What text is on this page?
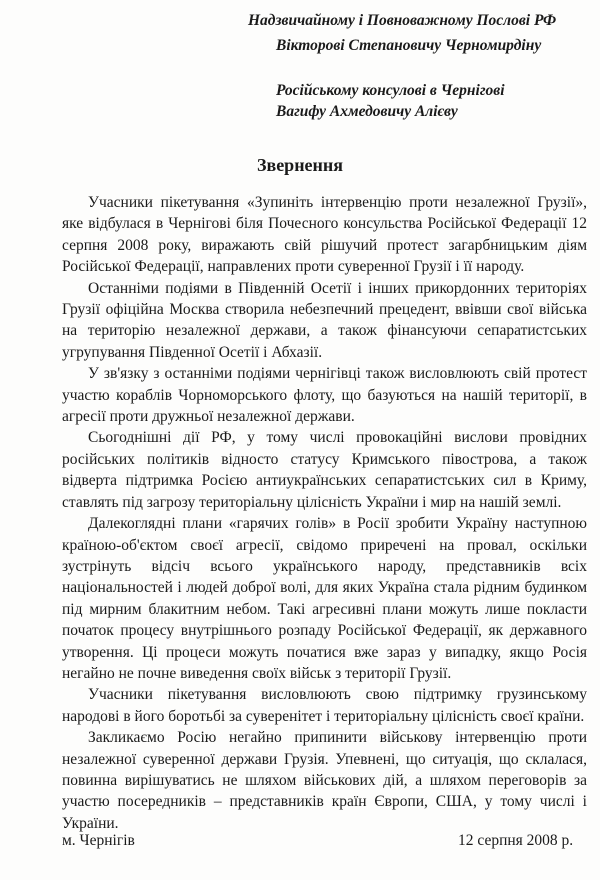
Надзвичайному і Повноважному Послові РФ
Вікторові Степановичу Черномирдіну
Російському консулові в Чернігові
Вагифу Ахмедовичу Алієву
Звернення

Учасники пікетування «Зупиніть інтервенцію проти незалежної Грузії», яке відбулася в Чернігові біля Почесного консульства Російської Федерації 12 серпня 2008 року, виражають свій рішучий протест загарбницьким діям Російської Федерації, направлених проти суверенної Грузії і її народу.

Останніми подіями в Південній Осетії і інших прикордонних територіях Грузії офіційна Москва створила небезпечний прецедент, ввівши свої війська на територію незалежної держави, а також фінансуючи сепаратистських угрупування Південної Осетії і Абхазії.

У зв'язку з останніми подіями чернігівці також висловлюють свій протест участю кораблів Чорноморського флоту, що базуються на нашій території, в агресії проти дружньої незалежної держави.

Сьогоднішні дії РФ, у тому числі провокаційні вислови провідних російських політиків відносто статусу Кримського півострова, а також відверта підтримка Росією антиукраїнських сепаратистських сил в Криму, ставлять під загрозу територіальну цілісність України і мир на нашій землі.

Далекоглядні плани «гарячих голів» в Росії зробити Україну наступною країною-об'єктом своєї агресії, свідомо приречені на провал, оскільки зустрінуть відсіч всього українського народу, представників всіх національностей і людей доброї волі, для яких Україна стала рідним будинком під мирним блакитним небом. Такі агресивні плани можуть лише покласти початок процесу внутрішнього розпаду Російської Федерації, як державного утворення. Ці процеси можуть початися вже зараз у випадку, якщо Росія негайно не почне виведення своїх військ з території Грузії.

Учасники пікетування висловлюють свою підтримку грузинському народові в його боротьбі за суверенітет і територіальну цілісність своєї країни.

Закликаємо Росію негайно припинити військову інтервенцію проти незалежної суверенної держави Грузія. Упевнені, що ситуація, що склалася, повинна вирішуватись не шляхом військових дій, а шляхом переговорів за участю посередників – представників країн Європи, США, у тому числі і України.

м. Чернігів	12 серпня 2008 р.
